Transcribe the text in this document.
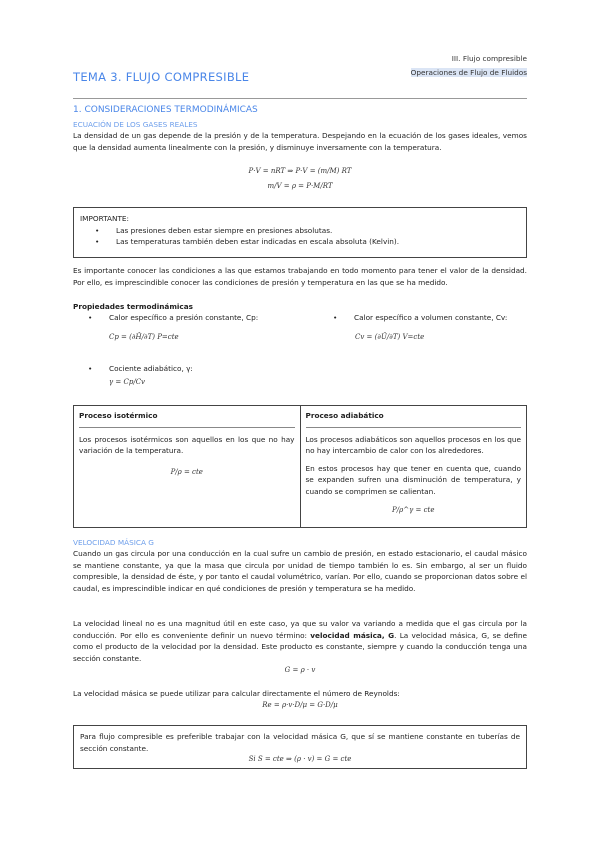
III. Flujo compresible
Operaciones de Flujo de Fluidos
TEMA 3. FLUJO COMPRESIBLE
1. CONSIDERACIONES TERMODINÁMICAS
ECUACIÓN DE LOS GASES REALES
La densidad de un gas depende de la presión y de la temperatura. Despejando en la ecuación de los gases ideales, vemos que la densidad aumenta linealmente con la presión, y disminuye inversamente con la temperatura.
P·V = nRT ⇒ P·V = (m/M) RT
m/V = ρ = P·M/RT
IMPORTANTE:
• Las presiones deben estar siempre en presiones absolutas.
• Las temperaturas también deben estar indicadas en escala absoluta (Kelvin).
Es importante conocer las condiciones a las que estamos trabajando en todo momento para tener el valor de la densidad. Por ello, es imprescindible conocer las condiciones de presión y temperatura en las que se ha medido.
Propiedades termodinámicas
• Calor específico a presión constante, Cp:
Cp = (∂Ĥ/∂T) P=cte
• Calor específico a volumen constante, Cv:
Cv = (∂Û/∂T) V=cte
• Cociente adiabático, γ:
γ = Cp/Cv
Proceso isotérmico
Los procesos isotérmicos son aquellos en los que no hay variación de la temperatura.
P/ρ = cte
Proceso adiabático
Los procesos adiabáticos son aquellos procesos en los que no hay intercambio de calor con los alrededores.
En estos procesos hay que tener en cuenta que, cuando se expanden sufren una disminución de temperatura, y cuando se comprimen se calientan.
P/ρ^γ = cte
VELOCIDAD MÁSICA G
Cuando un gas circula por una conducción en la cual sufre un cambio de presión, en estado estacionario, el caudal másico se mantiene constante, ya que la masa que circula por unidad de tiempo también lo es. Sin embargo, al ser un fluido compresible, la densidad de éste, y por tanto el caudal volumétrico, varían. Por ello, cuando se proporcionan datos sobre el caudal, es imprescindible indicar en qué condiciones de presión y temperatura se ha medido.
La velocidad lineal no es una magnitud útil en este caso, ya que su valor va variando a medida que el gas circula por la conducción. Por ello es conveniente definir un nuevo término: velocidad másica, G. La velocidad másica, G, se define como el producto de la velocidad por la densidad. Este producto es constante, siempre y cuando la conducción tenga una sección constante.
G = ρ · v
La velocidad másica se puede utilizar para calcular directamente el número de Reynolds:
Re = ρ·v·D/μ = G·D/μ
Para flujo compresible es preferible trabajar con la velocidad másica G, que sí se mantiene constante en tuberías de sección constante.
Si S = cte ⇒ (ρ · v) = G = cte
